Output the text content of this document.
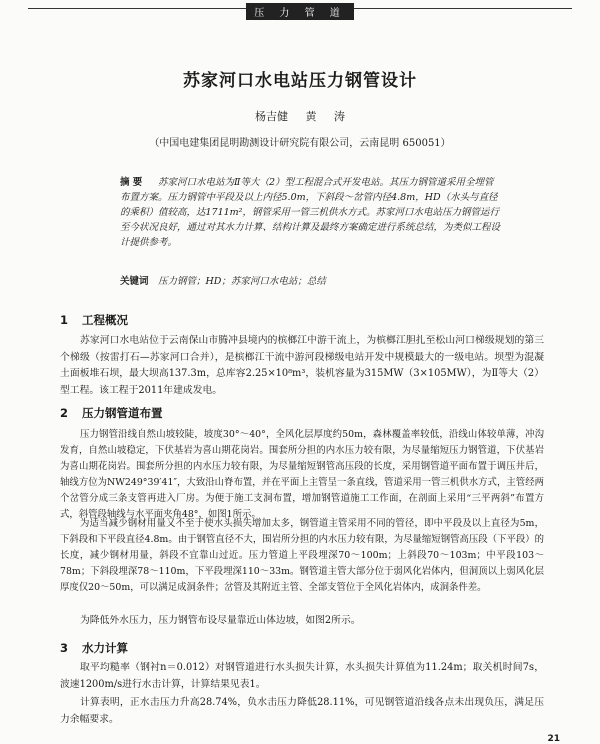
压 力 管 道
苏家河口水电站压力钢管设计
杨吉健 黄 涛
（中国电建集团昆明勘测设计研究院有限公司，云南昆明 650051）
摘 要 苏家河口水电站为Ⅱ等大（2）型工程混合式开发电站。其压力钢管道采用全埋管布置方案。压力钢管中平段及以上内径5.0m，下斜段～岔管内径4.8m，HD（水头与直径的乘积）值较高，达1711m²，钢管采用一管三机供水方式。苏家河口水电站压力钢管运行至今状况良好，通过对其水力计算、结构计算及最终方案确定进行系统总结，为类似工程设计提供参考。
关键词 压力钢管；HD；苏家河口水电站；总结
1 工程概况
苏家河口水电站位于云南保山市腾冲县境内的槟榔江中游干流上，为槟榔江胆扎至松山河口梯级规划的第三个梯级（按雷打石—苏家河口合并），是槟榔江干流中游河段梯级电站开发中规模最大的一级电站。坝型为混凝土面板堆石坝，最大坝高137.3m，总库容2.25×10⁸m³，装机容量为315MW（3×105MW），为Ⅱ等大（2）型工程。该工程于2011年建成发电。
2 压力钢管道布置
压力钢管沿线自然山坡较陡，坡度30°～40°，全风化层厚度约50m，森林覆盖率较低，沿线山体较单薄，冲沟发育，自然山坡稳定，下伏基岩为喜山期花岗岩。围套所分担的内水压力较有限，为尽量缩短压力钢管道，下伏基岩为喜山期花岗岩。围套所分担的内水压力较有限，为尽量缩短钢管高压段的长度，采用钢管道平面布置于调压井后，轴线方位为NW249°39′41″，大致沿山脊布置，并在平面上主管呈一条直线，管道采用一管三机供水方式，主管经两个岔管分成三条支管再进入厂房。为便于施工支洞布置，增加钢管道施工工作面，在剖面上采用“三平两斜”布置方式，斜管段轴线与水平面夹角48°，如图1所示。
为适当减少钢材用量又不至于使水头损失增加太多，钢管道主管采用不同的管径，即中平段及以上直径为5m，下斜段和下平段直径4.8m。由于钢管直径不大，围岩所分担的内水压力较有限，为尽量缩短钢管高压段（下平段）的长度，减少钢材用量，斜段不宜靠山过近。压力管道上平段埋深70～100m；上斜段70～103m；中平段103～78m；下斜段埋深78～110m，下平段埋深110～33m。钢管道主管大部分位于弱风化岩体内，但洞顶以上弱风化层厚度仅20～50m，可以满足成洞条件；岔管及其附近主管、全部支管位于全风化岩体内，成洞条件差。
为降低外水压力，压力钢管布设尽量靠近山体边坡，如图2所示。
3 水力计算
取平均糙率（钢衬n＝0.012）对钢管道进行水头损失计算，水头损失计算值为11.24m；取关机时间7s，波速1200m/s进行水击计算，计算结果见表1。
计算表明，正水击压力升高28.74%，负水击压力降低28.11%，可见钢管道沿线各点未出现负压，满足压力余幅要求。
21
